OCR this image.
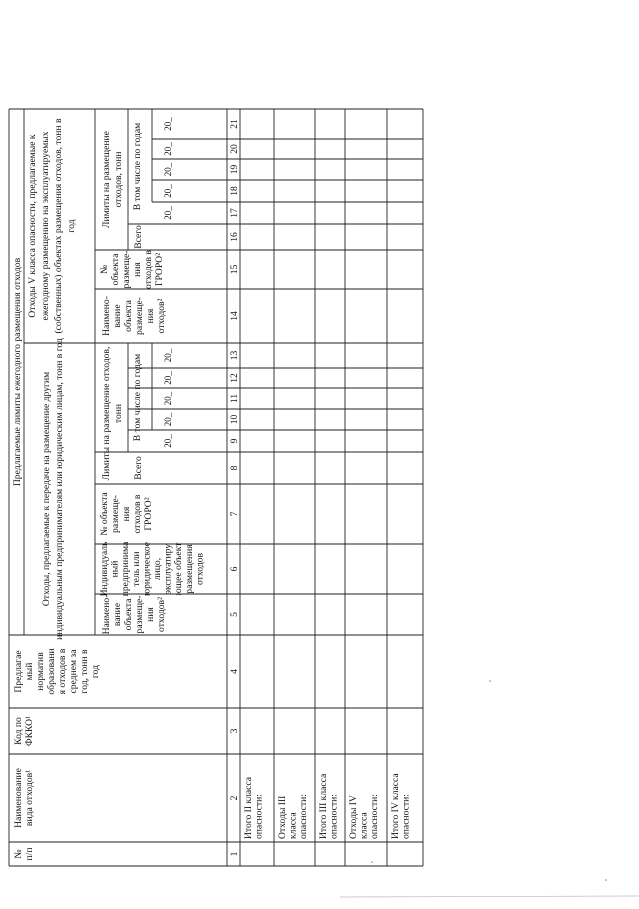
Предлагаемые лимиты ежегодного размещения отходов Отходы, предлагаемые к передаче на размещение другим индивидуальным предпринимателям или юридическим лицам, тонн в год
Отходы V класса опасности, предлагаемые к ежегодному размещению на эксплуатируемых (собственных) объектах размещения отходов, тонн в год
№ п/п
Наименование вида отходов¹
Код по ФККО¹
Предлагае мый норматив образовани я отходов в среднем за год, тонн в год
Наимено- вание объекта размеще- ния отходов²
Индивидуаль ный предпринима тель или юридическое лицо, эксплуатиру ющее объект размещения отходов
№ объекта размеще- ния отходов в ГРОРО²
Лимиты на размещение отходов, тонн
Всего
В том числе по годам 20_
20_
20_
20_
20_
Наимено- вание объекта размеще- ния отходов²
№ объекта размеще- ния отходов в ГРОРО²
Лимиты на размещение отходов, тонн
Всего
В том числе по годам
20_
20_
20_
20_
20_
1
2
3
4
5
6
7
8
9
10
11
12
13
14
15
16
17
18
19
20
21
Итого II класса опасности: Отходы III класса опасности: Итого III класса опасности: Отходы IV класса опасности: Итого IV класса опасности:
